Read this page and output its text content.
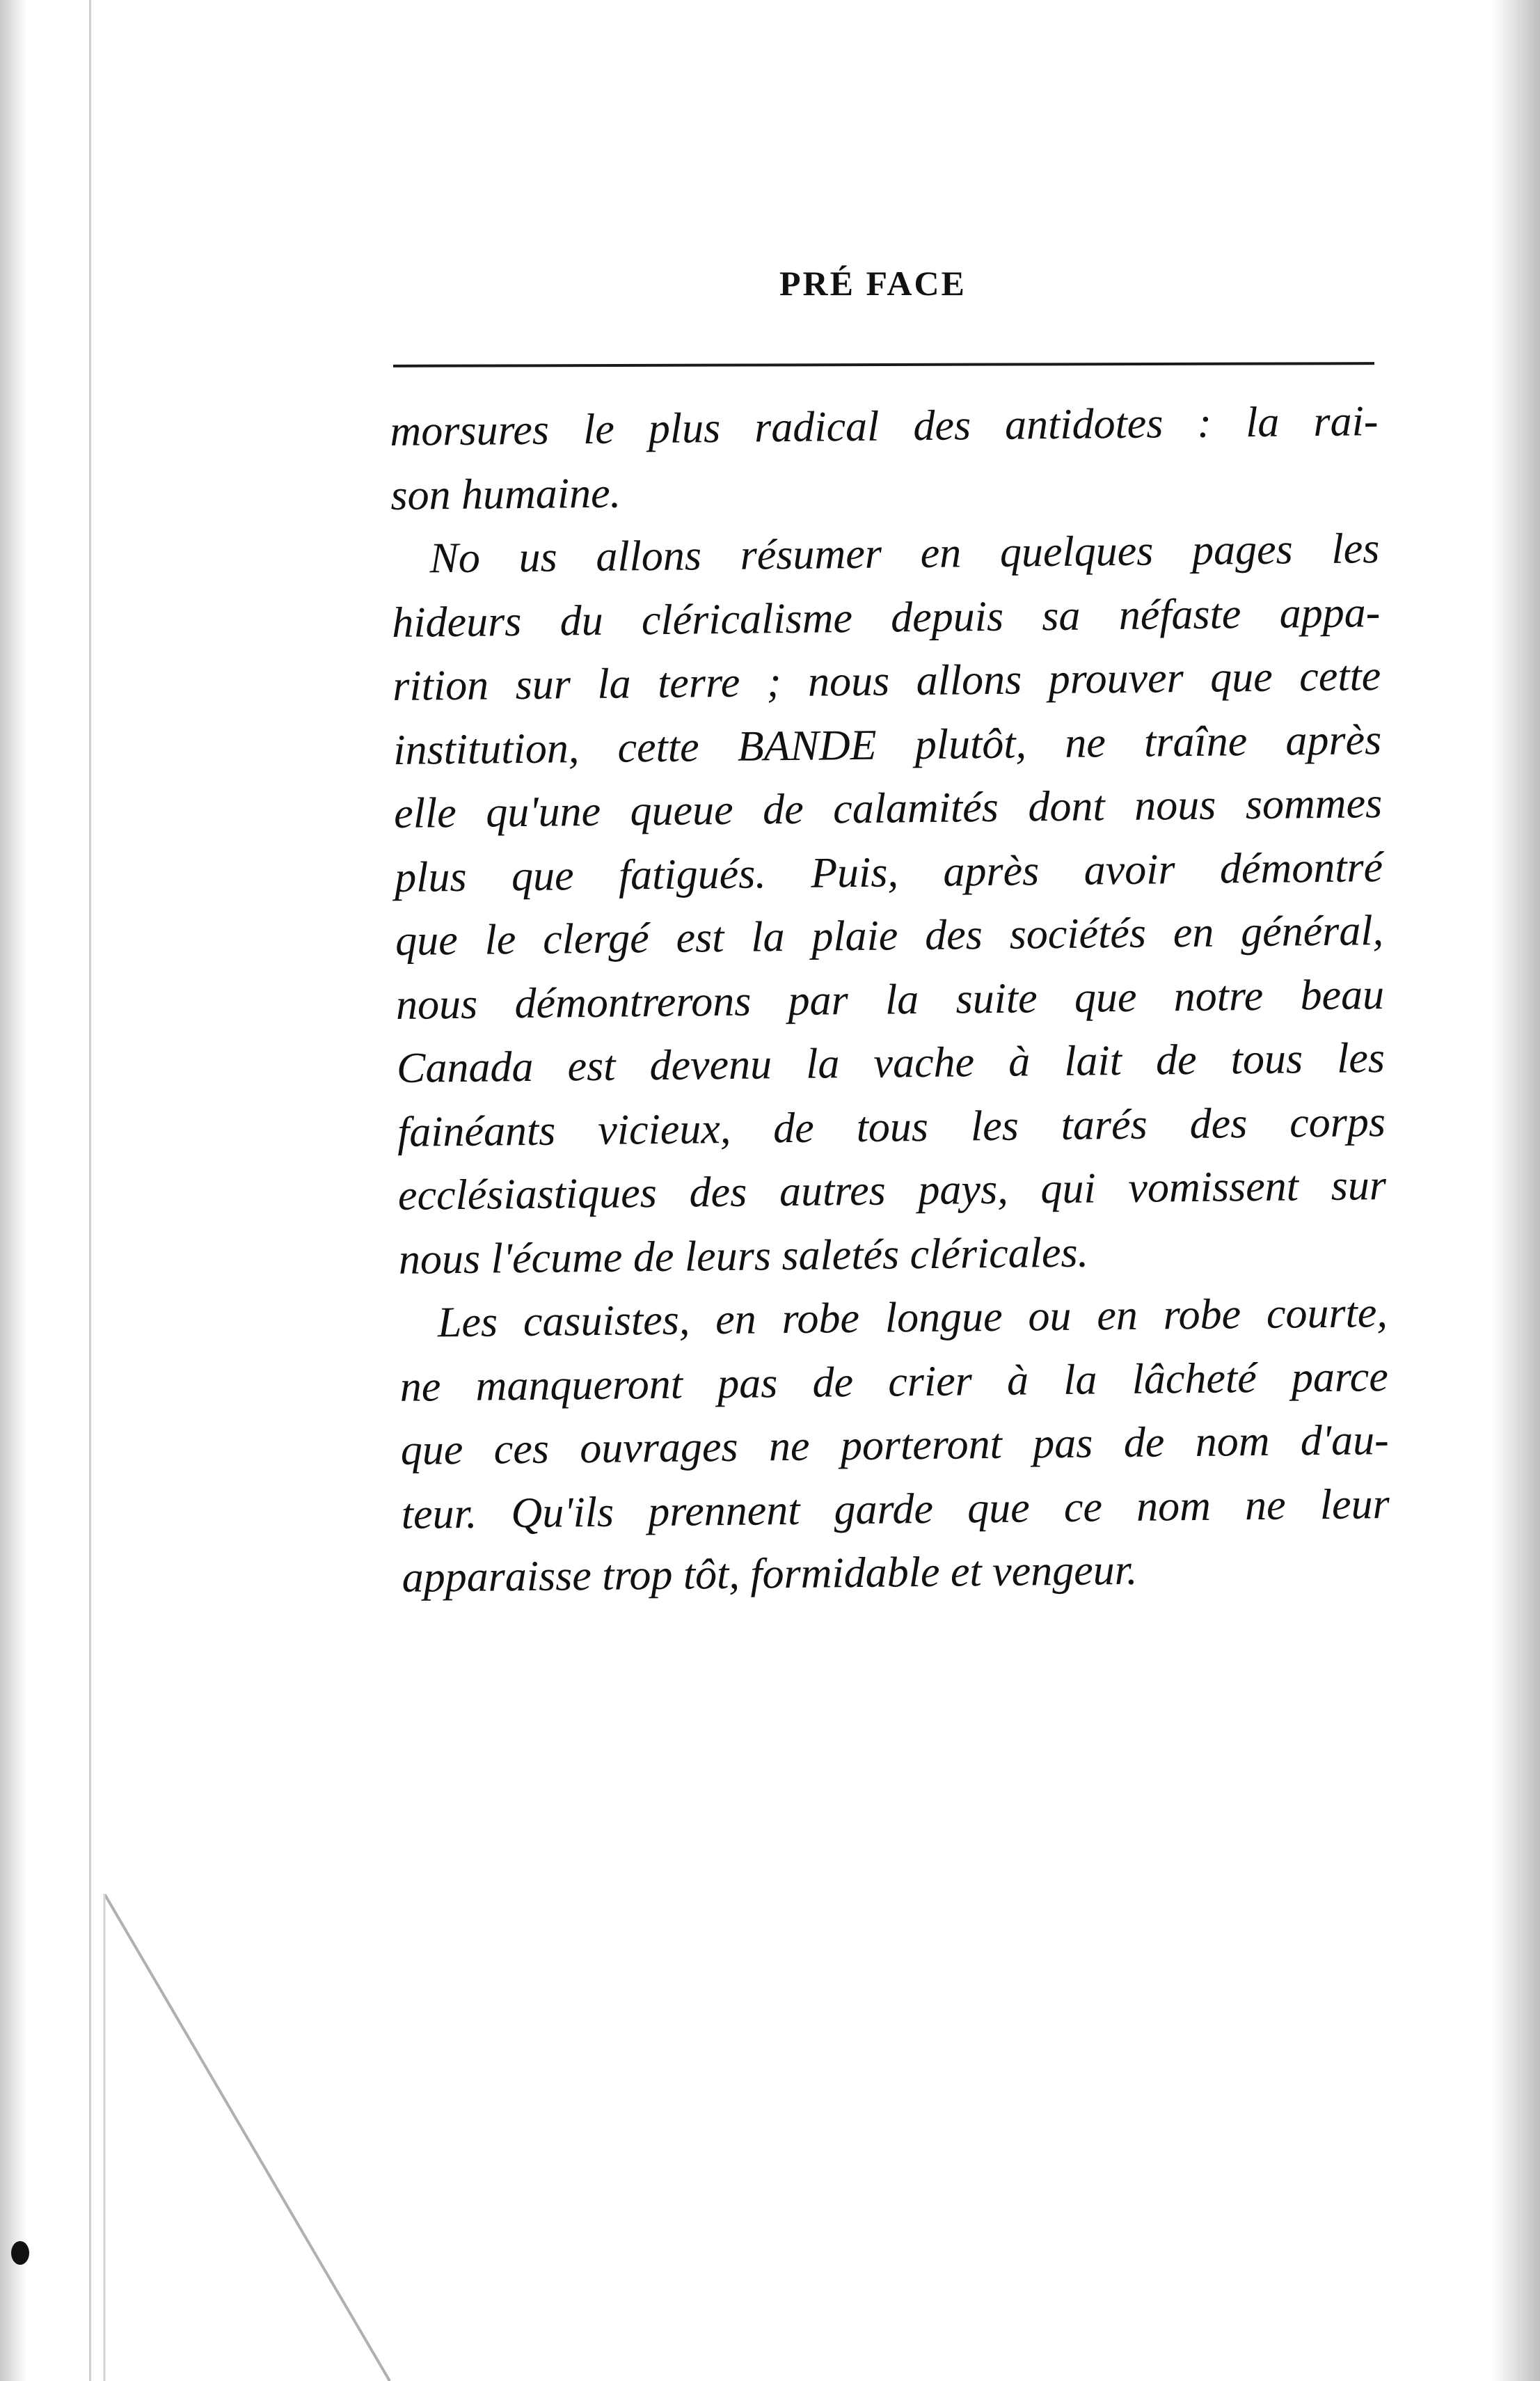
PRÉ FACE
morsures le plus radical des antidotes : la rai-
son humaine.
No us allons résumer en quelques pages les
hideurs du cléricalisme depuis sa néfaste appa-
rition sur la terre ; nous allons prouver que cette
institution, cette BANDE plutôt, ne traîne après
elle qu'une queue de calamités dont nous sommes
plus que fatigués. Puis, après avoir démontré
que le clergé est la plaie des sociétés en général,
nous démontrerons par la suite que notre beau
Canada est devenu la vache à lait de tous les
fainéants vicieux, de tous les tarés des corps
ecclésiastiques des autres pays, qui vomissent sur
nous l'écume de leurs saletés cléricales.
Les casuistes, en robe longue ou en robe courte,
ne manqueront pas de crier à la lâcheté parce
que ces ouvrages ne porteront pas de nom d'au-
teur. Qu'ils prennent garde que ce nom ne leur
apparaisse trop tôt, formidable et vengeur.
